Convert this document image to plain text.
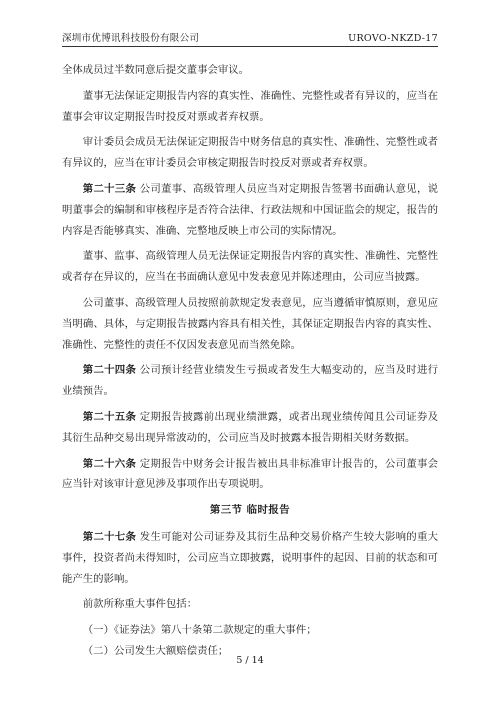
深圳市优博讯科技股份有限公司	UROVO-NKZD-17
全体成员过半数同意后提交董事会审议。
董事无法保证定期报告内容的真实性、准确性、完整性或者有异议的，应当在董事会审议定期报告时投反对票或者弃权票。
审计委员会成员无法保证定期报告中财务信息的真实性、准确性、完整性或者有异议的，应当在审计委员会审核定期报告时投反对票或者弃权票。
第二十三条 公司董事、高级管理人员应当对定期报告签署书面确认意见，说明董事会的编制和审核程序是否符合法律、行政法规和中国证监会的规定，报告的内容是否能够真实、准确、完整地反映上市公司的实际情况。
董事、监事、高级管理人员无法保证定期报告内容的真实性、准确性、完整性或者存在异议的，应当在书面确认意见中发表意见并陈述理由，公司应当披露。
公司董事、高级管理人员按照前款规定发表意见，应当遵循审慎原则，意见应当明确、具体，与定期报告披露内容具有相关性，其保证定期报告内容的真实性、准确性、完整性的责任不仅因发表意见而当然免除。
第二十四条 公司预计经营业绩发生亏损或者发生大幅变动的，应当及时进行业绩预告。
第二十五条 定期报告披露前出现业绩泄露，或者出现业绩传闻且公司证券及其衍生品种交易出现异常波动的，公司应当及时披露本报告期相关财务数据。
第二十六条 定期报告中财务会计报告被出具非标准审计报告的，公司董事会应当针对该审计意见涉及事项作出专项说明。
第三节 临时报告
第二十七条 发生可能对公司证券及其衍生品种交易价格产生较大影响的重大事件，投资者尚未得知时，公司应当立即披露，说明事件的起因、目前的状态和可能产生的影响。
前款所称重大事件包括：
（一）《证券法》第八十条第二款规定的重大事件；
（二）公司发生大额赔偿责任；
5 / 14
